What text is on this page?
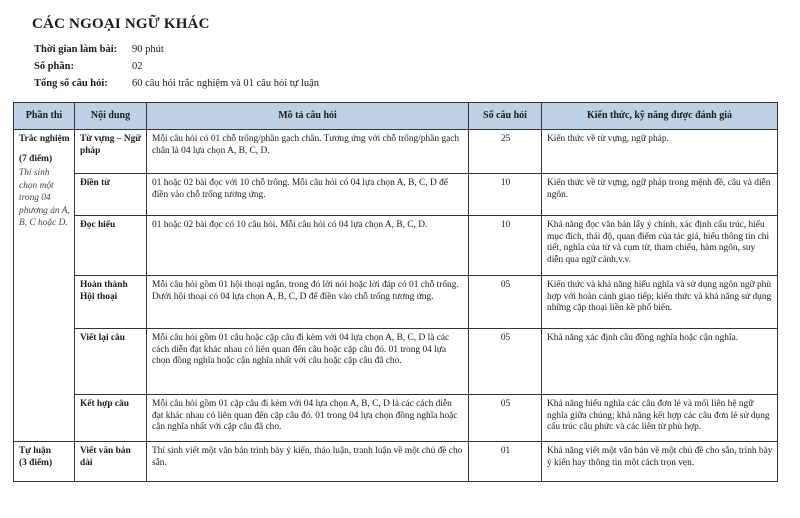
CÁC NGOẠI NGỮ KHÁC
Thời gian làm bài:	90 phút
Số phần:	02
Tổng số câu hỏi:	60 câu hỏi trắc nghiệm và 01 câu hỏi tự luận
Phần thi	Nội dung	Mô tả câu hỏi	Số câu hỏi	Kiến thức, kỹ năng được đánh giá

Trắc nghiệm
(7 điểm)
Thí sinh chọn một trong 04 phương án A, B, C hoặc D.	Từ vựng – Ngữ pháp	Mỗi câu hỏi có 01 chỗ trống/phần gạch chân. Tương ứng với chỗ trống/phần gạch chân là 04 lựa chọn A, B, C, D.	25	Kiến thức về từ vựng, ngữ pháp.
	Điền từ	01 hoặc 02 bài đọc với 10 chỗ trống. Mỗi câu hỏi có 04 lựa chọn A, B, C, D để điền vào chỗ trống tương ứng.	10	Kiến thức về từ vựng, ngữ pháp trong mệnh đề, câu và diễn ngôn.
	Đọc hiểu	01 hoặc 02 bài đọc có 10 câu hỏi. Mỗi câu hỏi có 04 lựa chọn A, B, C, D.	10	Khả năng đọc văn bản lấy ý chính, xác định cấu trúc, hiểu mục đích, thái độ, quan điểm của tác giả, hiểu thông tin chi tiết, nghĩa của từ và cụm từ, tham chiếu, hàm ngôn, suy diễn qua ngữ cảnh,v.v.
	Hoàn thành Hội thoại	Mỗi câu hỏi gồm 01 hội thoại ngắn, trong đó lời nói hoặc lời đáp có 01 chỗ trống. Dưới hội thoại có 04 lựa chọn A, B, C, D để điền vào chỗ trống tương ứng.	05	Kiến thức và khả năng hiểu nghĩa và sử dụng ngôn ngữ phù hợp với hoàn cảnh giao tiếp; kiến thức và khả năng sử dụng những cặp thoại liền kề phổ biến.
	Viết lại câu	Mỗi câu hỏi gồm 01 câu hoặc cặp câu đi kèm với 04 lựa chọn A, B, C, D là các cách diễn đạt khác nhau có liên quan đến câu hoặc cặp câu đó. 01 trong 04 lựa chọn đồng nghĩa hoặc cận nghĩa nhất với câu hoặc cặp câu đã cho.	05	Khả năng xác định câu đồng nghĩa hoặc cận nghĩa.
	Kết hợp câu	Mỗi câu hỏi gồm 01 cặp câu đi kèm với 04 lựa chọn A, B, C, D là các cách diễn đạt khác nhau có liên quan đến cặp câu đó. 01 trong 04 lựa chọn đồng nghĩa hoặc cận nghĩa nhất với cặp câu đã cho.	05	Khả năng hiểu nghĩa các câu đơn lẻ và mối liên hệ ngữ nghĩa giữa chúng; khả năng kết hợp các câu đơn lẻ sử dụng cấu trúc câu phức và các liên từ phù hợp.

Tự luận
(3 điểm)	Viết văn bản dài	Thí sinh viết một văn bản trình bày ý kiến, thảo luận, tranh luận về một chủ đề cho sẵn.	01	Khả năng viết một văn bản về một chủ đề cho sẵn, trình bày ý kiến hay thông tin một cách trọn vẹn.
